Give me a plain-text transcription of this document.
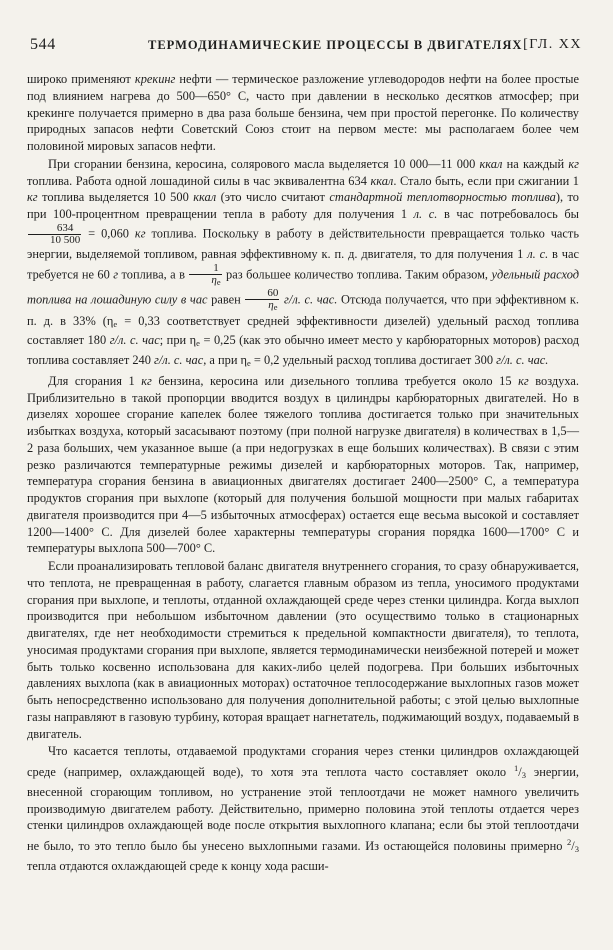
544	ТЕРМОДИНАМИЧЕСКИЕ ПРОЦЕССЫ В ДВИГАТЕЛЯХ [ГЛ. XX

широко применяют крекинг нефти — термическое разложение углеводородов нефти на более простые под влиянием нагрева до 500—650° С, часто при давлении в несколько десятков атмосфер; при крекинге получается примерно в два раза больше бензина, чем при простой перегонке. По количеству природных запасов нефти Советский Союз стоит на первом месте: мы располагаем более чем половиной мировых запасов нефти.

При сгорании бензина, керосина, солярового масла выделяется 10 000—11 000 ккал на каждый кг топлива. Работа одной лошадиной силы в час эквивалентна 634 ккал. Стало быть, если при сжигании 1 кг топлива выделяется 10 500 ккал (это число считают стандартной теплотворностью топлива), то при 100-процентном превращении тепла в работу для получения 1 л. с. в час потребовалось бы
$\frac{634}{10 500} = 0,060$ кг топлива. Поскольку в работу в действительности превращается только часть энергии, выделяемой топливом, равная эффективному к. п. д. двигателя, то для получения 1 л. с. в час требуется не 60 г топлива, а в $\frac{1}{\eta_e}$ раз большее количество топлива. Таким образом, удельный расход топлива на лошадиную силу в час равен $\frac{60}{\eta_e} г/л$. с. час. Отсюда получается, что при эффективном к. п. д. в 33% ($\eta_e = 0,33$ соответствует средней эффективности дизелей) удельный расход топлива составляет 180 г/л. с. час; при $\eta_e = 0,25$ (как это обычно имеет место у карбюраторных моторов) расход топлива составляет 240 г/л. с. час, а при $\eta_e = 0,2$ удельный расход топлива достигает 300 г/л. с. час.

Для сгорания 1 кг бензина, керосина или дизельного топлива требуется около 15 кг воздуха. Приблизительно в такой пропорции вводится воздух в цилиндры карбюраторных двигателей. Но в дизелях хорошее сгорание капелек более тяжелого топлива достигается только при значительных избытках воздуха, который засасывают поэтому (при полной нагрузке двигателя) в количествах в 1,5—2 раза больших, чем указанное выше (а при недогрузках в еще больших количествах). В связи с этим резко различаются температурные режимы дизелей и карбюраторных моторов. Так, например, температура сгорания бензина в авиационных двигателях достигает 2400—2500° С, а температура продуктов сгорания при выхлопе (который для получения большой мощности при малых габаритах двигателя производится при 4—5 избыточных атмосферах) остается еще весьма высокой и составляет 1200—1400° С. Для дизелей более характерны температуры сгорания порядка 1600—1700° С и температуры выхлопа 500—700° С.

Если проанализировать тепловой баланс двигателя внутреннего сгорания, то сразу обнаруживается, что теплота, не превращенная в работу, слагается главным образом из тепла, уносимого продуктами сгорания при выхлопе, и теплоты, отданной охлаждающей среде через стенки цилиндра. Когда выхлоп производится при небольшом избыточном давлении (это осуществимо только в стационарных двигателях, где нет необходимости стремиться к предельной компактности двигателя), то теплота, уносимая продуктами сгорания при выхлопе, является термодинамически неизбежной потерей и может быть только косвенно использована для каких-либо целей подогрева. При больших избыточных давлениях выхлопа (как в авиационных моторах) остаточное теплосодержание выхлопных газов может быть непосредственно использовано для получения дополнительной работы; с этой целью выхлопные газы направляют в газовую турбину, которая вращает нагнетатель, поджимающий воздух, подаваемый в двигатель.

Что касается теплоты, отдаваемой продуктами сгорания через стенки цилиндров охлаждающей среде (например, охлаждающей воде), то хотя эта теплота часто составляет около $^1/_3$ энергии, внесенной сгорающим топливом, но устранение этой теплоотдачи не может намного увеличить производимую двигателем работу. Действительно, примерно половина этой теплоты отдается через стенки цилиндров охлаждающей воде после открытия выхлопного клапана; если бы этой теплоотдачи не было, то это тепло было бы унесено выхлопными газами. Из остающейся половины примерно $^2/_3$ тепла отдаются охлаждающей среде к концу хода расши-
